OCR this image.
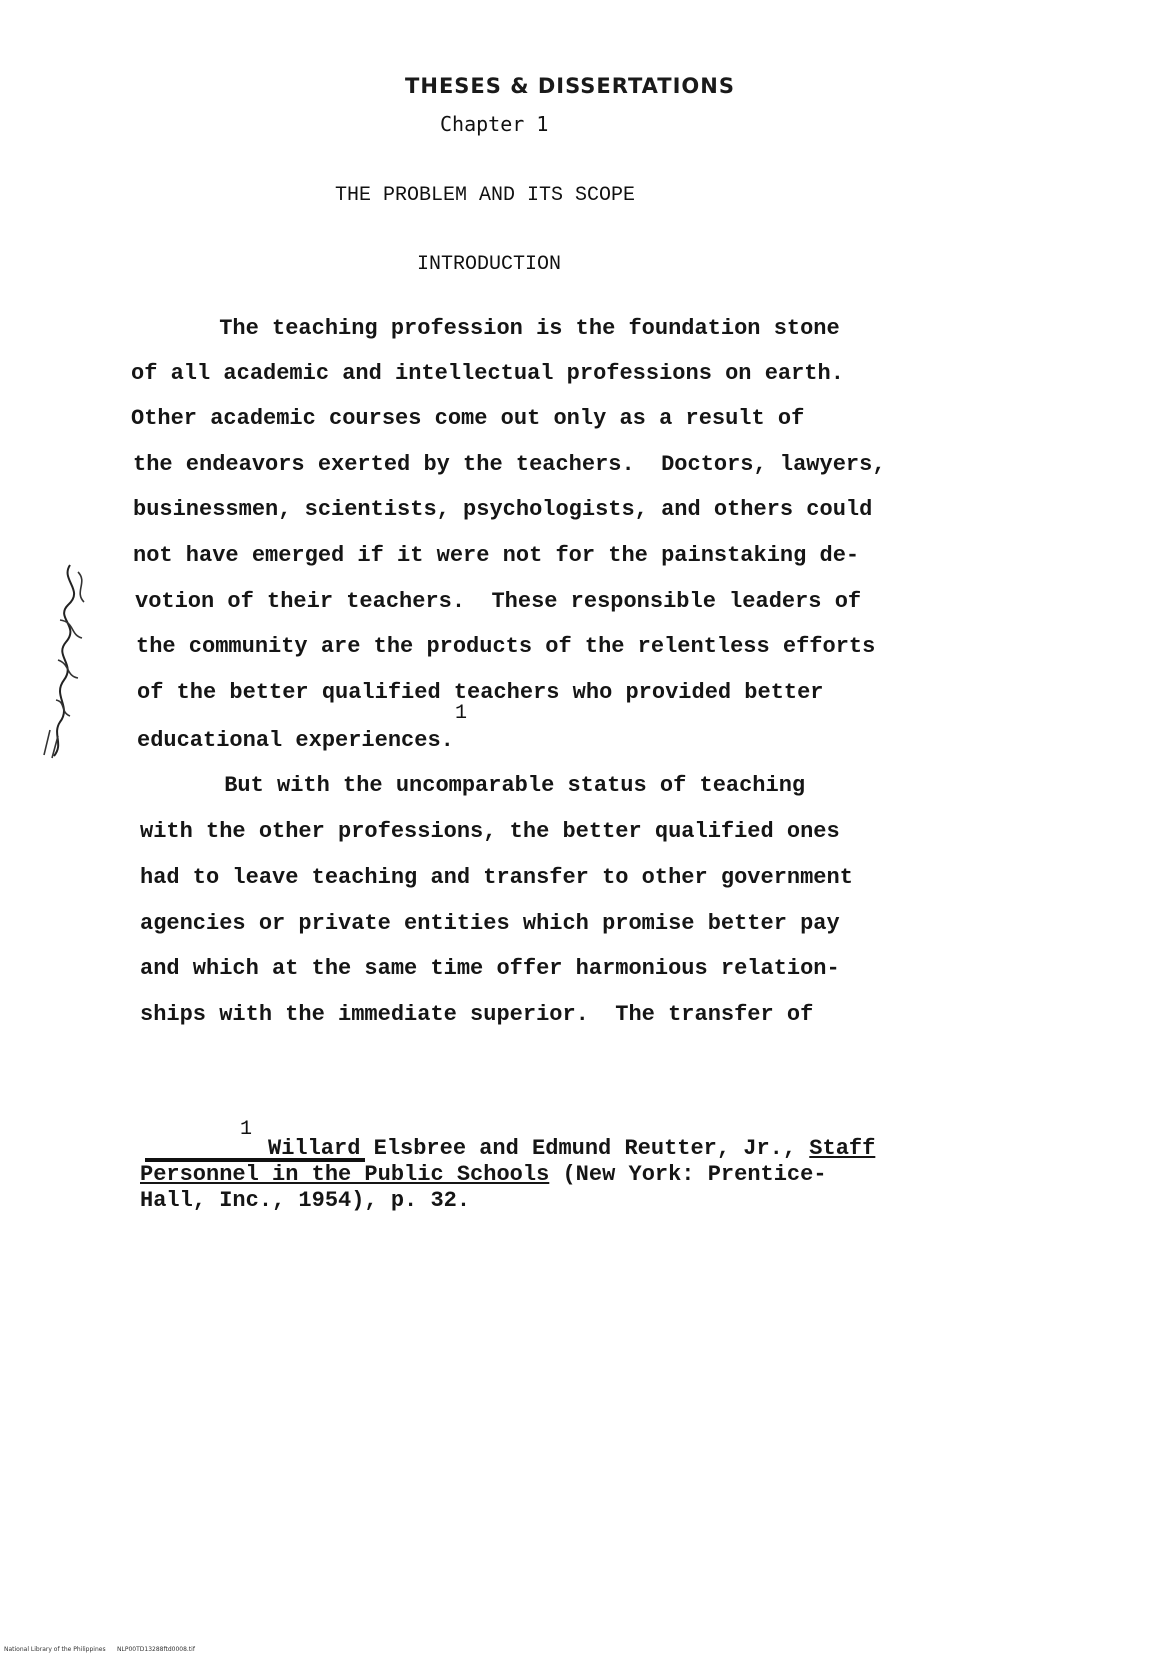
THESES & DISSERTATIONS
Chapter 1
THE PROBLEM AND ITS SCOPE
INTRODUCTION
The teaching profession is the foundation stone
of all academic and intellectual professions on earth.
Other academic courses come out only as a result of
the endeavors exerted by the teachers.  Doctors, lawyers,
businessmen, scientists, psychologists, and others could
not have emerged if it were not for the painstaking de-
votion of their teachers.  These responsible leaders of
the community are the products of the relentless efforts
of the better qualified teachers who provided better
1
educational experiences.
But with the uncomparable status of teaching
with the other professions, the better qualified ones
had to leave teaching and transfer to other government
agencies or private entities which promise better pay
and which at the same time offer harmonious relation-
ships with the immediate superior.  The transfer of
1
Willard Elsbree and Edmund Reutter, Jr., Staff
Personnel in the Public Schools (New York: Prentice-
Hall, Inc., 1954), p. 32.
National Library of the Philippines      NLP00TD13288ftd0008.tif
